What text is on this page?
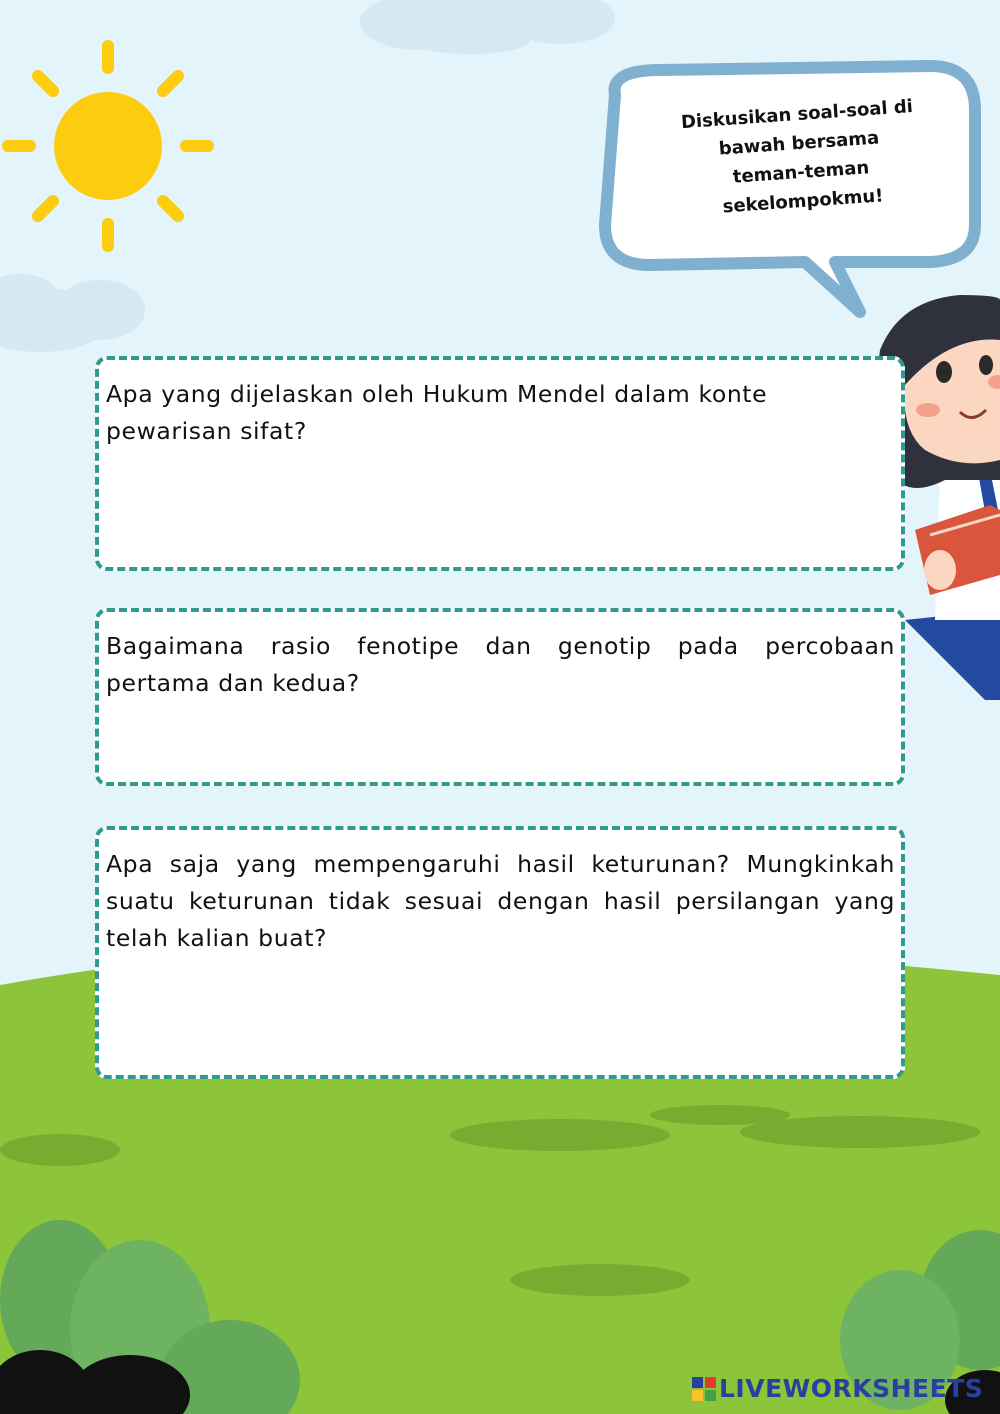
Diskusikan soal-soal di
bawah bersama
teman-teman
sekelompokmu!

Apa yang dijelaskan oleh Hukum Mendel dalam konte
pewarisan sifat?

Bagaimana rasio fenotipe dan genotip pada percobaan pertama dan kedua?

Apa saja yang mempengaruhi hasil keturunan? Mungkinkah suatu keturunan tidak sesuai dengan hasil persilangan yang telah kalian buat?

LIVEWORKSHEETS
